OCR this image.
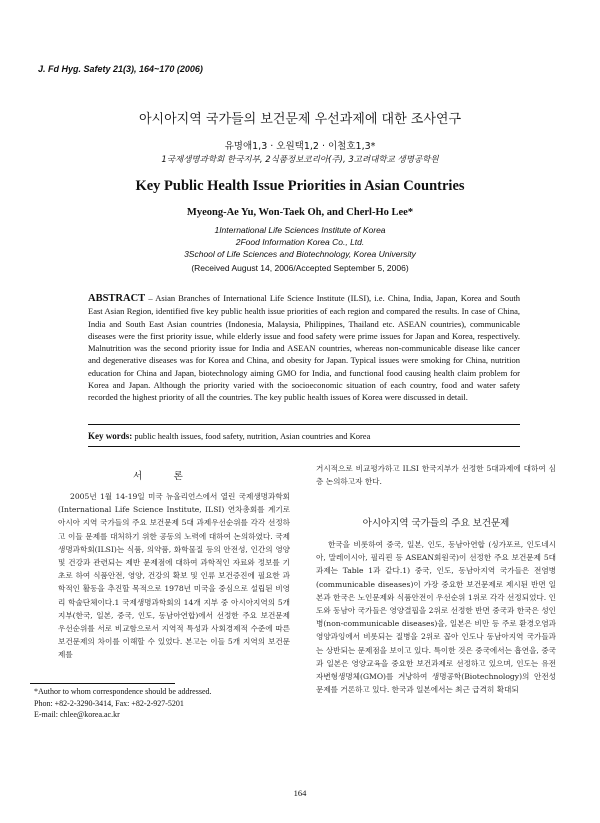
J. Fd Hyg. Safety 21(3), 164~170 (2006)
아시아지역 국가들의 보건문제 우선과제에 대한 조사연구
유명애1,3 · 오원택1,2 · 이철호1,3*
1국제생명과학회 한국지부, 2식품정보코리아(주), 3고려대학교 생명공학원
Key Public Health Issue Priorities in Asian Countries
Myeong-Ae Yu, Won-Taek Oh, and Cherl-Ho Lee*
1International Life Sciences Institute of Korea
2Food Information Korea Co., Ltd.
3School of Life Sciences and Biotechnology, Korea University
(Received August 14, 2006/Accepted September 5, 2006)
ABSTRACT – Asian Branches of International Life Science Institute (ILSI), i.e. China, India, Japan, Korea and South East Asian Region, identified five key public health issue priorities of each region and compared the results. In case of China, India and South East Asian countries (Indonesia, Malaysia, Philippines, Thailand etc. ASEAN countries), communicable diseases were the first priority issue, while elderly issue and food safety were prime issues for Japan and Korea, respectively. Malnutrition was the second priority issue for India and ASEAN countries, whereas non-communicable disease like cancer and degenerative diseases was for Korea and China, and obesity for Japan. Typical issues were smoking for China, nutrition education for China and Japan, biotechnology aiming GMO for India, and functional food causing health claim problem for Korea and Japan. Although the priority varied with the socioeconomic situation of each country, food and water safety recorded the highest priority of all the countries. The key public health issues of Korea were discussed in detail.
Key words: public health issues, food safety, nutrition, Asian countries and Korea
서 론

2005년 1월 14-19일 미국 뉴올리언스에서 열린 국제생명과학회(International Life Science Institute, ILSI) 연차총회를 계기로 아시아 지역 국가들의 주요 보건문제 5대 과제우선순위를 각각 선정하고 이들 문제를 대처하기 위한 공동의 노력에 대하여 논의하였다. 국제생명과학회(ILSI)는 식품, 의약품, 화학물질 등의 안전성, 인간의 영양 및 건강과 관련되는 제반 문제점에 대하여 과학적인 자료와 정보를 기초로 하여 식품안전, 영양, 건강의 확보 및 인류 보건증진에 필요한 과학적인 활동을 추진할 목적으로 1978년 미국을 중심으로 설립된 비영리 학술단체이다.1 국제생명과학회의 14개 지부 중 아시아지역의 5개 지부(한국, 일본, 중국, 인도, 동남아연합)에서 선정한 주요 보건문제 우선순위를 서로 비교함으로서 지역적 특성과 사회경제적 수준에 따른 보건문제의 차이를 이해할 수 있었다. 본고는 이들 5개 지역의 보건문제를

거시적으로 비교평가하고 ILSI 한국지부가 선정한 5대과제에 대하여 심층 논의하고자 한다.

아시아지역 국가들의 주요 보건문제

한국을 비롯하여 중국, 일본, 인도, 동남아연합 (싱가포르, 인도네시아, 말레이시아, 필리핀 등 ASEAN회원국)이 선정한 주요 보건문제 5대과제는 Table 1과 같다.1) 중국, 인도, 동남아지역 국가들은 전염병(communicable diseases)이 가장 중요한 보건문제로 제시된 반면 일본과 한국은 노인문제와 식품안전이 우선순위 1위로 각각 선정되었다. 인도와 동남아 국가들은 영양결핍을 2위로 선정한 반면 중국과 한국은 성인병(non-communicable diseases)을, 일본은 비만 등 주로 환경오염과 영양과잉에서 비롯되는 질병을 2위로 꼽아 인도나 동남아지역 국가들과는 상반되는 문제점을 보이고 있다. 특이한 것은 중국에서는 흡연을, 중국과 일본은 영양교육을 중요한 보건과제로 선정하고 있으며, 인도는 유전자변형생명체(GMO)를 겨냥하여 생명공학(Biotechnology)의 안전성 문제를 거론하고 있다. 한국과 일본에서는 최근 급격히 확대되

*Author to whom correspondence should be addressed.
Phon: +82-2-3290-3414, Fax: +82-2-927-5201
E-mail: chlee@korea.ac.kr
164
